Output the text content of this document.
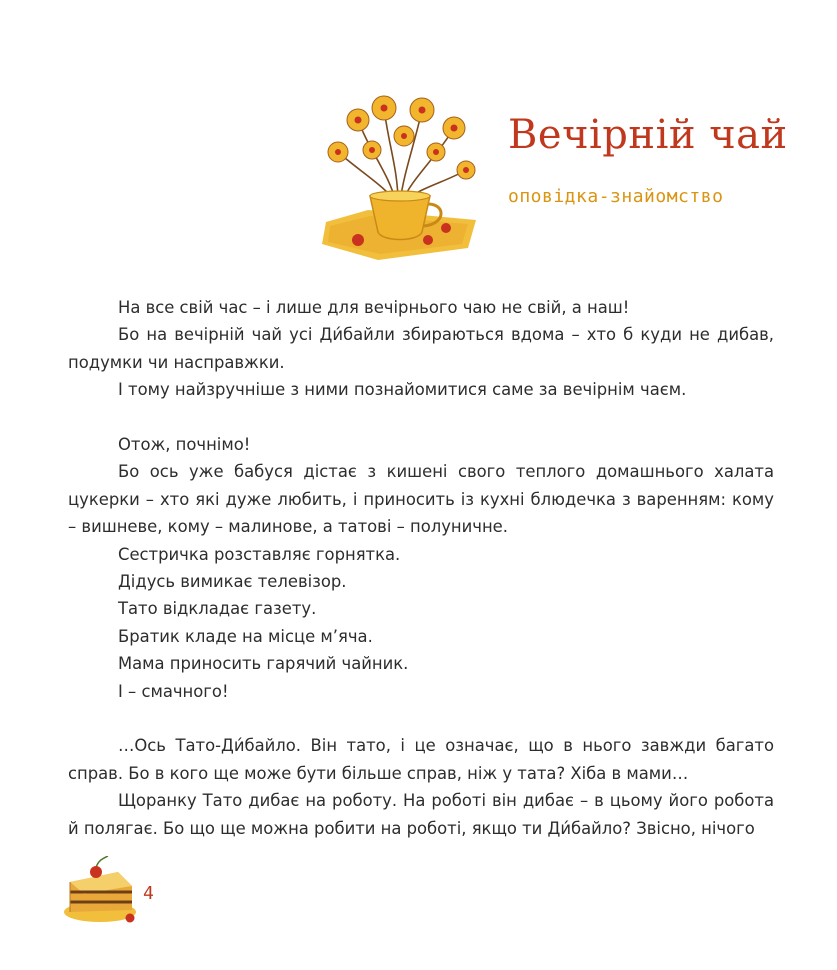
Вечірній чай
оповідка-знайомство

На все свій час – і лише для вечірнього чаю не свій, а наш!

Бо на вечірній чай усі Ди́байли збираються вдома – хто б куди не дибав, подумки чи насправжки.

І тому найзручніше з ними познайомитися саме за вечірнім чаєм.

Отож, почнімо!

Бо ось уже бабуся дістає з кишені свого теплого домашнього халата цукерки – хто які дуже любить, і приносить із кухні блюдечка з варенням: кому – вишневе, кому – малинове, а татові – полуничне.

Сестричка розставляє горнятка.

Дідусь вимикає телевізор.

Тато відкладає газету.

Братик кладе на місце м’яча.

Мама приносить гарячий чайник.

І – смачного!

…Ось Тато-Ди́байло. Він тато, і це означає, що в нього завжди багато справ. Бо в кого ще може бути більше справ, ніж у тата? Хіба в мами…

Щоранку Тато дибає на роботу. На роботі він дибає – в цьому його робота й полягає. Бо що ще можна робити на роботі, якщо ти Ди́байло? Звісно, нічого

4
